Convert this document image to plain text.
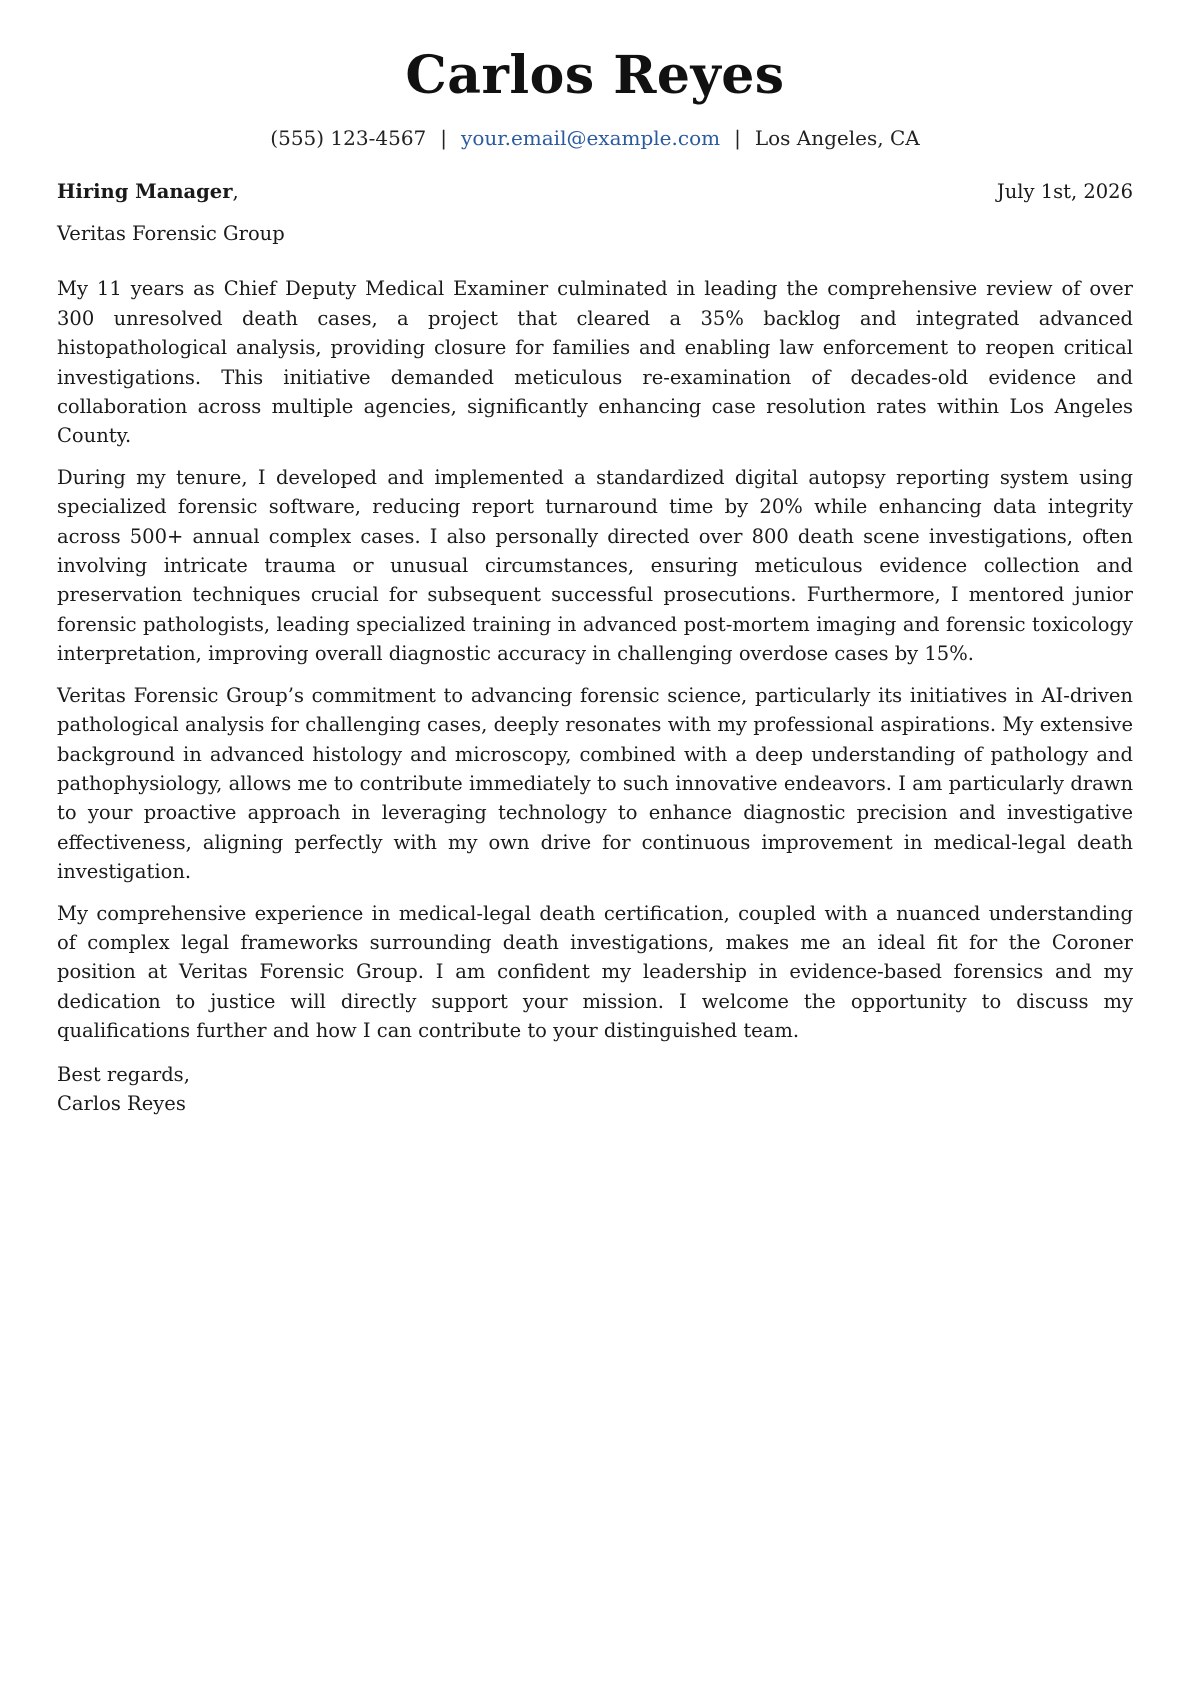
Carlos Reyes
(555) 123-4567 | your.email@example.com | Los Angeles, CA
Hiring Manager,	July 1st, 2026
Veritas Forensic Group

My 11 years as Chief Deputy Medical Examiner culminated in leading the comprehensive review of over 300 unresolved death cases, a project that cleared a 35% backlog and integrated advanced histopathological analysis, providing closure for families and enabling law enforcement to reopen critical investigations. This initiative demanded meticulous re-examination of decades-old evidence and collaboration across multiple agencies, significantly enhancing case resolution rates within Los Angeles County.

During my tenure, I developed and implemented a standardized digital autopsy reporting system using specialized forensic software, reducing report turnaround time by 20% while enhancing data integrity across 500+ annual complex cases. I also personally directed over 800 death scene investigations, often involving intricate trauma or unusual circumstances, ensuring meticulous evidence collection and preservation techniques crucial for subsequent successful prosecutions. Furthermore, I mentored junior forensic pathologists, leading specialized training in advanced post-mortem imaging and forensic toxicology interpretation, improving overall diagnostic accuracy in challenging overdose cases by 15%.

Veritas Forensic Group’s commitment to advancing forensic science, particularly its initiatives in AI-driven pathological analysis for challenging cases, deeply resonates with my professional aspirations. My extensive background in advanced histology and microscopy, combined with a deep understanding of pathology and pathophysiology, allows me to contribute immediately to such innovative endeavors. I am particularly drawn to your proactive approach in leveraging technology to enhance diagnostic precision and investigative effectiveness, aligning perfectly with my own drive for continuous improvement in medical-legal death investigation.

My comprehensive experience in medical-legal death certification, coupled with a nuanced understanding of complex legal frameworks surrounding death investigations, makes me an ideal fit for the Coroner position at Veritas Forensic Group. I am confident my leadership in evidence-based forensics and my dedication to justice will directly support your mission. I welcome the opportunity to discuss my qualifications further and how I can contribute to your distinguished team.

Best regards,
Carlos Reyes
